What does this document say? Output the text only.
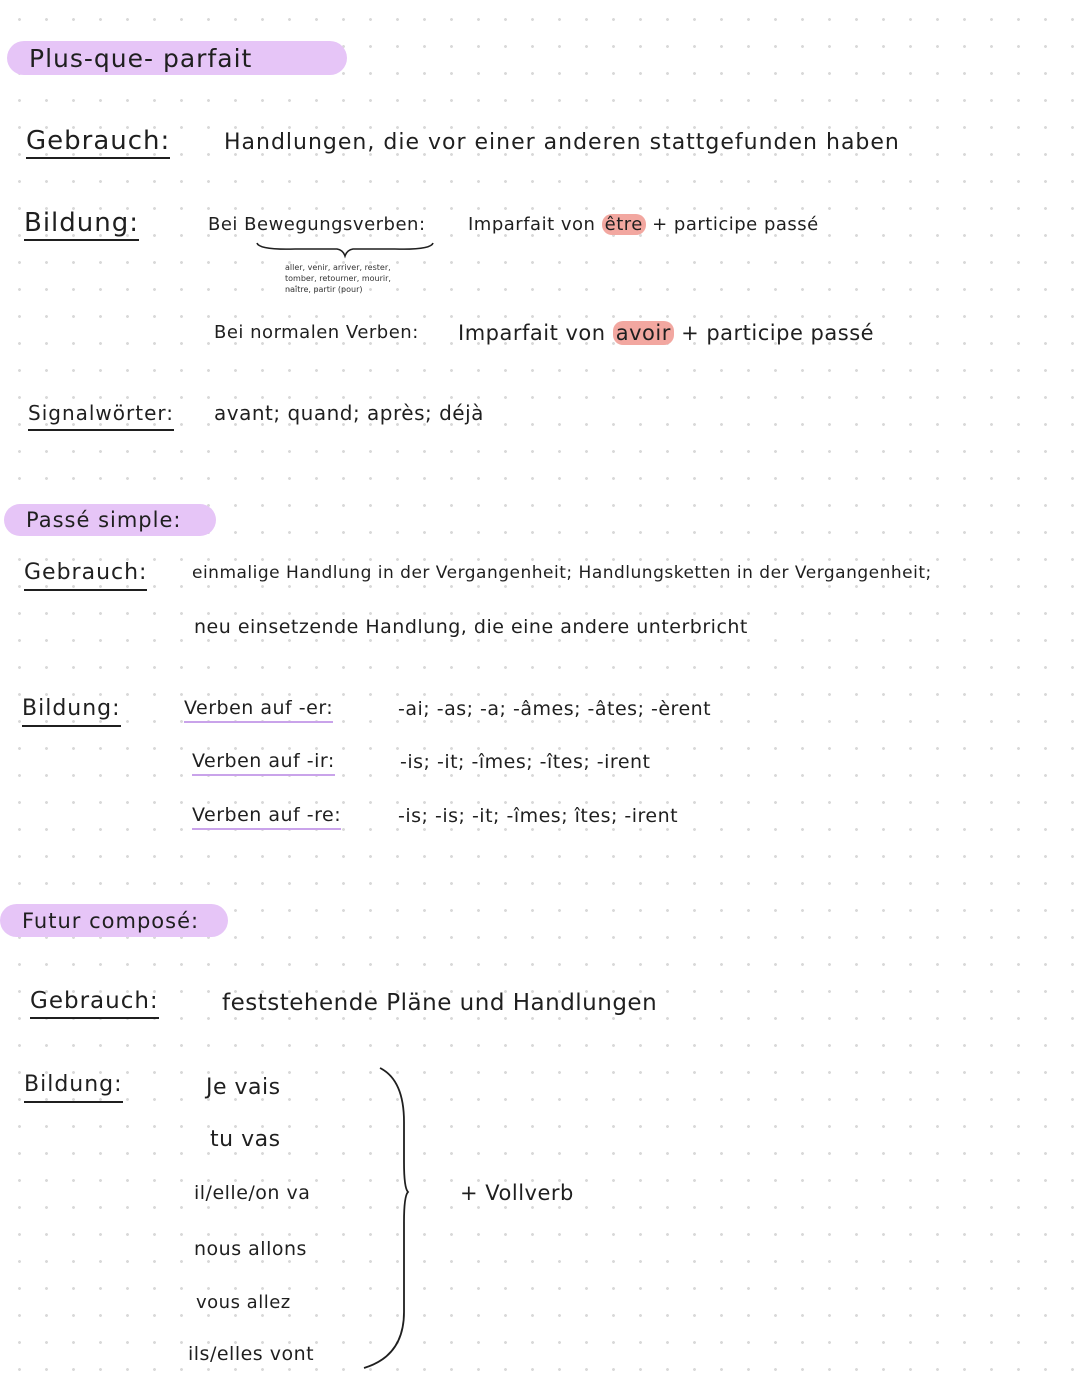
Plus-que- parfait
Gebrauch: Handlungen, die vor einer anderen stattgefunden haben
Bildung:	Bei Bewegungsverben:
aller, venir, arriver, rester, tomber, retourner, mourir, naître, partir (pour)
Imparfait von être + participe passé
Bei normalen Verben: Imparfait von avoir + participe passé
Signalwörter: avant; quand; après; déjà
Passé simple:
Gebrauch:	einmalige Handlung in der Vergangenheit; Handlungsketten in der Vergangenheit;
neu einsetzende Handlung, die eine andere unterbricht
Bildung:	Verben auf -er:	-ai; -as; -a; -âmes; -âtes; -èrent
Verben auf -ir:	-is; -it; -îmes; -îtes; -irent
Verben auf -re:	-is; -is; -it; -îmes; îtes; -irent
Futur composé:
Gebrauch:	feststehende Pläne und Handlungen
Bildung:	Je vais
tu vas
il/elle/on va
nous allons
vous allez
ils/elles vont
+ Vollverb
